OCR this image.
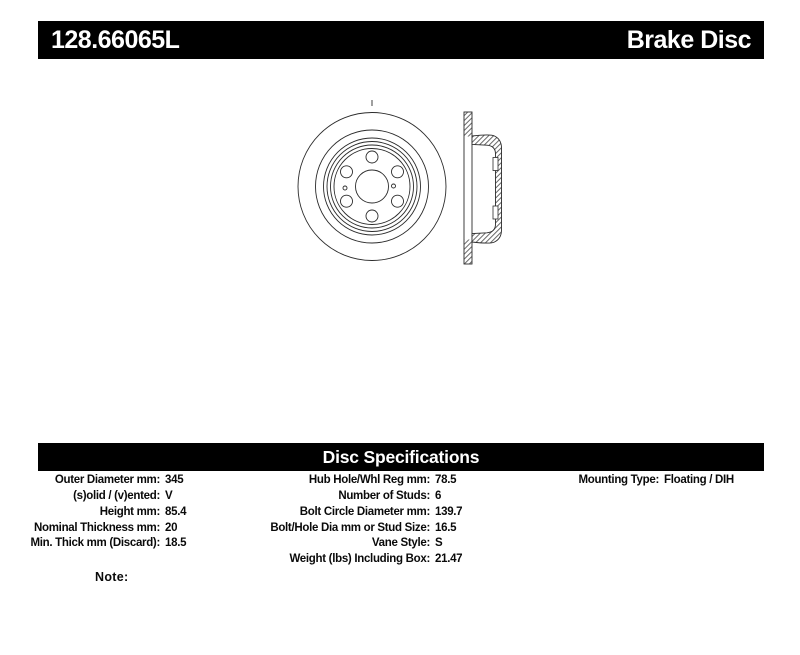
128.66065L	Brake Disc
Disc Specifications
Outer Diameter mm: 345
(s)olid / (v)ented: V
Height mm: 85.4
Nominal Thickness mm: 20
Min. Thick mm (Discard): 18.5
Hub Hole/Whl Reg mm: 78.5
Number of Studs: 6
Bolt Circle Diameter mm: 139.7
Bolt/Hole Dia mm or Stud Size: 16.5
Vane Style: S
Weight (lbs) Including Box: 21.47
Mounting Type: Floating / DIH
Note:
